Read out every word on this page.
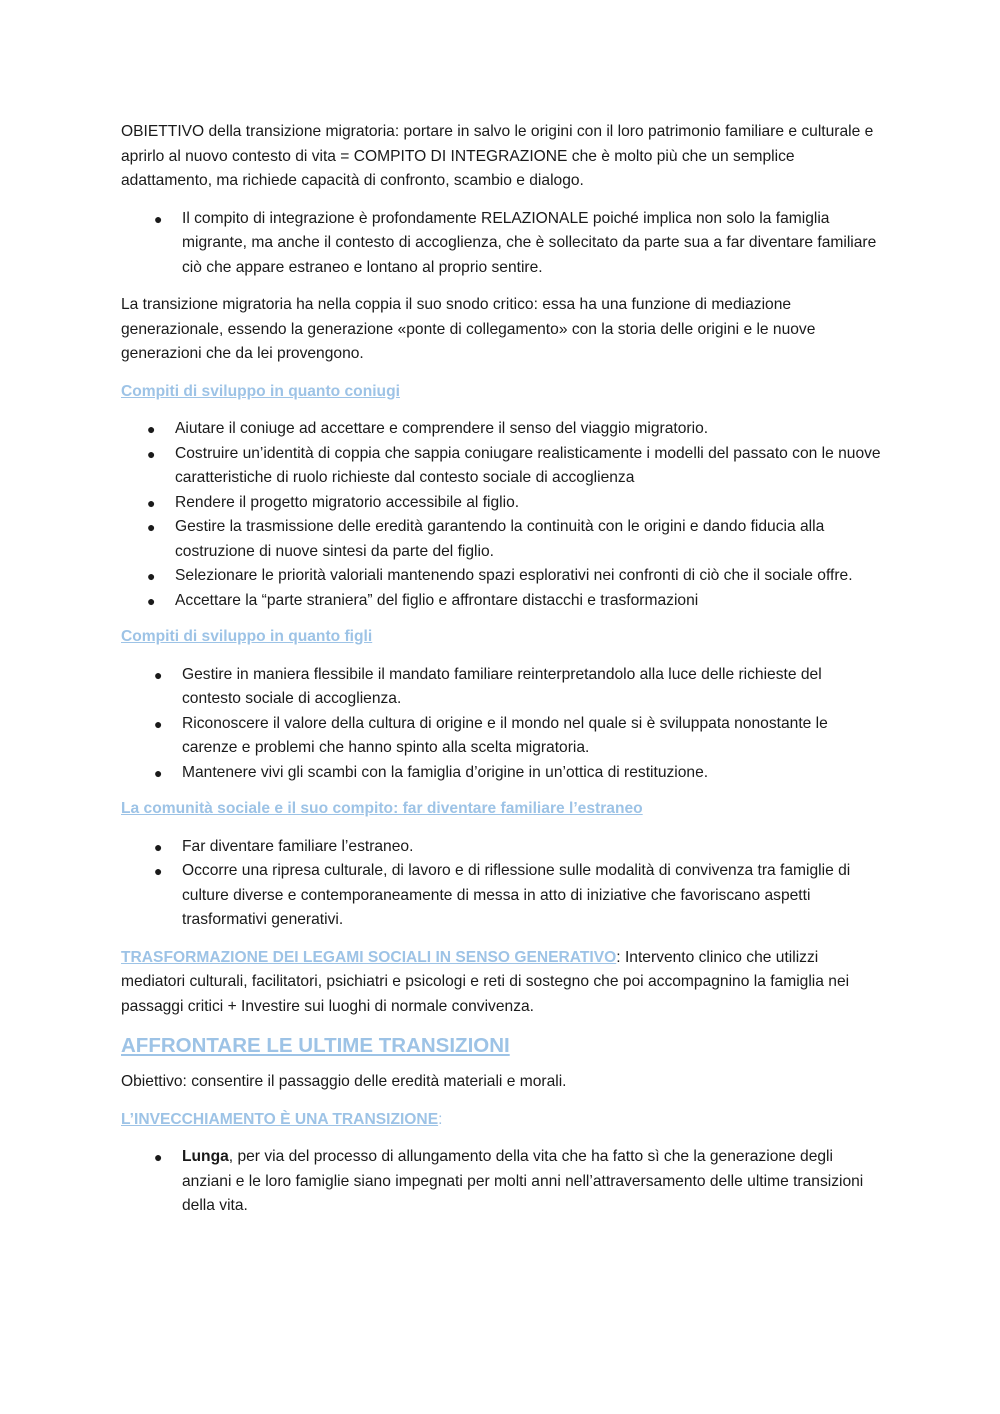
OBIETTIVO della transizione migratoria: portare in salvo le origini con il loro patrimonio familiare e culturale e aprirlo al nuovo contesto di vita = COMPITO DI INTEGRAZIONE che è molto più che un semplice adattamento, ma richiede capacità di confronto, scambio e dialogo.

● Il compito di integrazione è profondamente RELAZIONALE poiché implica non solo la famiglia migrante, ma anche il contesto di accoglienza, che è sollecitato da parte sua a far diventare familiare ciò che appare estraneo e lontano al proprio sentire.

La transizione migratoria ha nella coppia il suo snodo critico: essa ha una funzione di mediazione generazionale, essendo la generazione «ponte di collegamento» con la storia delle origini e le nuove generazioni che da lei provengono.

Compiti di sviluppo in quanto coniugi
● Aiutare il coniuge ad accettare e comprendere il senso del viaggio migratorio.
● Costruire un’identità di coppia che sappia coniugare realisticamente i modelli del passato con le nuove caratteristiche di ruolo richieste dal contesto sociale di accoglienza
● Rendere il progetto migratorio accessibile al figlio.
● Gestire la trasmissione delle eredità garantendo la continuità con le origini e dando fiducia alla costruzione di nuove sintesi da parte del figlio.
● Selezionare le priorità valoriali mantenendo spazi esplorativi nei confronti di ciò che il sociale offre.
● Accettare la “parte straniera” del figlio e affrontare distacchi e trasformazioni
Compiti di sviluppo in quanto figli
● Gestire in maniera flessibile il mandato familiare reinterpretandolo alla luce delle richieste del contesto sociale di accoglienza.
● Riconoscere il valore della cultura di origine e il mondo nel quale si è sviluppata nonostante le carenze e problemi che hanno spinto alla scelta migratoria.
● Mantenere vivi gli scambi con la famiglia d’origine in un’ottica di restituzione.
La comunità sociale e il suo compito: far diventare familiare l’estraneo
● Far diventare familiare l’estraneo.
● Occorre una ripresa culturale, di lavoro e di riflessione sulle modalità di convivenza tra famiglie di culture diverse e contemporaneamente di messa in atto di iniziative che favoriscano aspetti trasformativi generativi.

TRASFORMAZIONE DEI LEGAMI SOCIALI IN SENSO GENERATIVO: Intervento clinico che utilizzi mediatori culturali, facilitatori, psichiatri e psicologi e reti di sostegno che poi accompagnino la famiglia nei passaggi critici + Investire sui luoghi di normale convivenza.

AFFRONTARE LE ULTIME TRANSIZIONI

Obiettivo: consentire il passaggio delle eredità materiali e morali.

L’INVECCHIAMENTO È UNA TRANSIZIONE:
● Lunga, per via del processo di allungamento della vita che ha fatto sì che la generazione degli anziani e le loro famiglie siano impegnati per molti anni nell’attraversamento delle ultime transizioni della vita.
